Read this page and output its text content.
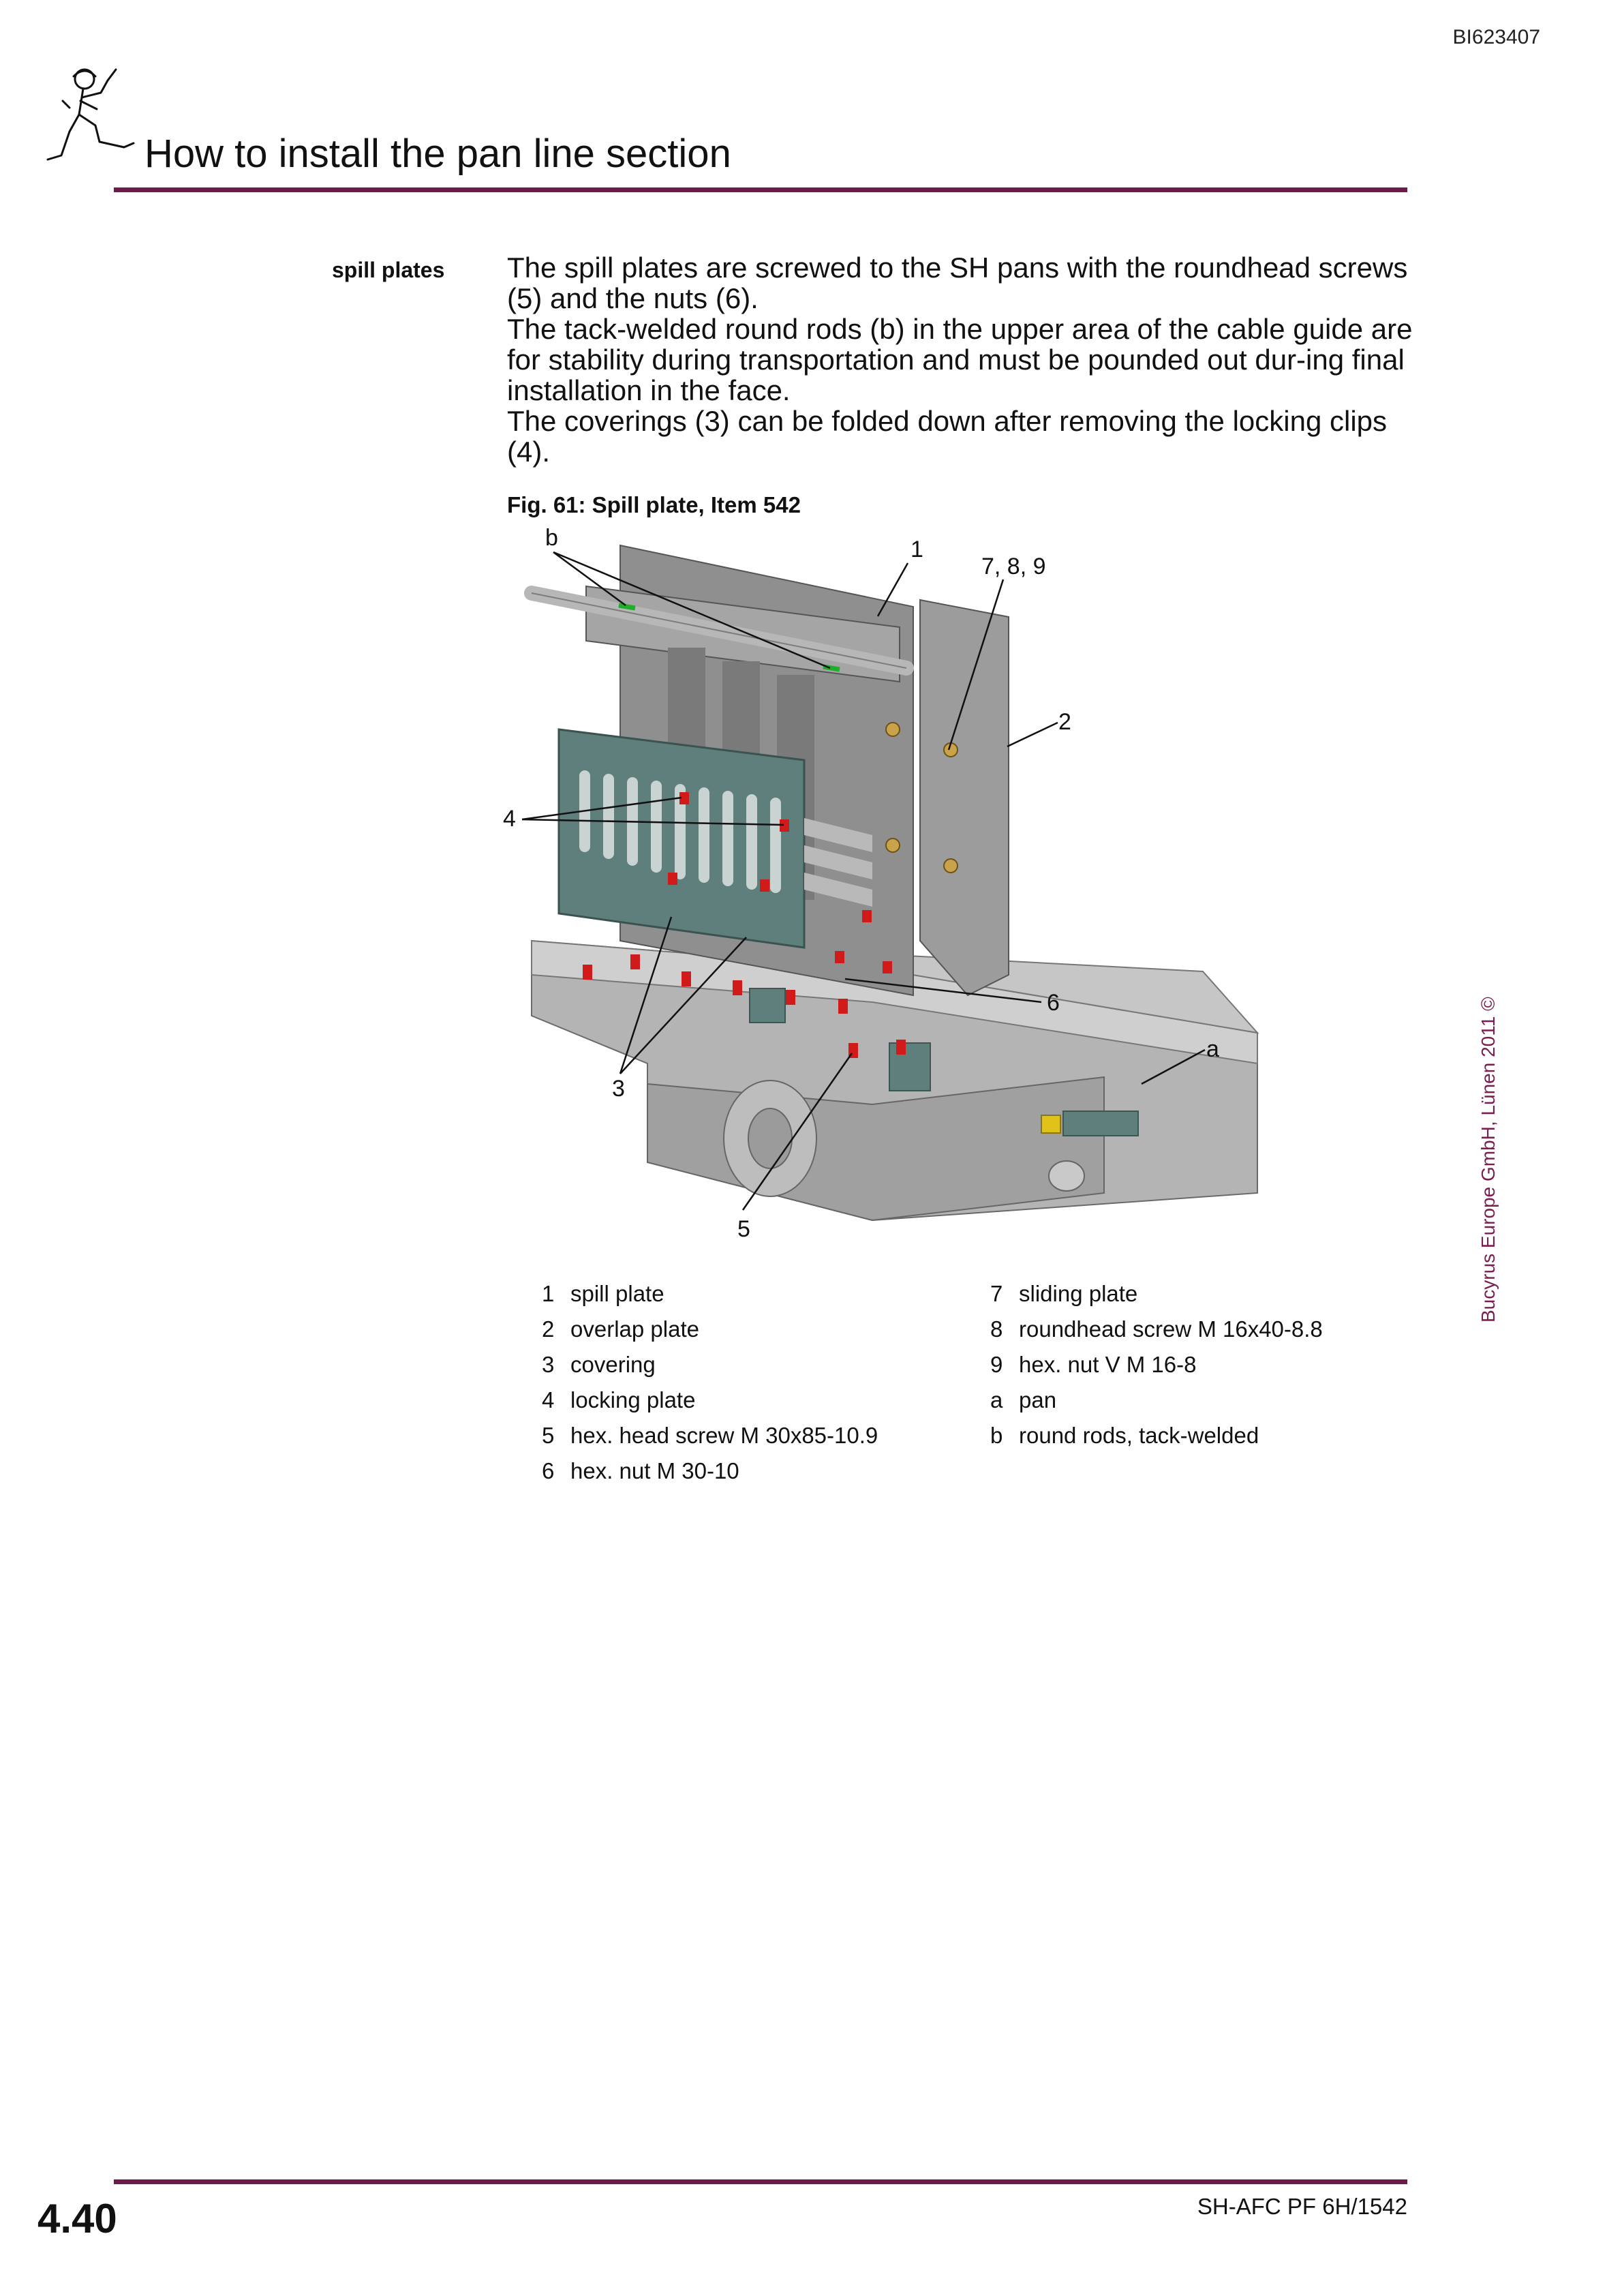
BI623407
How to install the pan line section
spill plates The spill plates are screwed to the SH pans with the roundhead screws (5) and the nuts (6).

The tack-welded round rods (b) in the upper area of the cable guide are for stability during transportation and must be pounded out dur-ing final installation in the face.

The coverings (3) can be folded down after removing the locking clips (4).

Fig. 61: Spill plate, Item 542
b	1
7, 8, 9
2
4
6
a
3
5
1 spill plate
2 overlap plate
3 covering
4 locking plate
5 hex. head screw M 30x85-10.9
6 hex. nut M 30-10
7 sliding plate
8 roundhead screw M 16x40-8.8
9 hex. nut V M 16-8
a pan
b round rods, tack-welded
Bucyrus Europe GmbH, Lünen 2011 ©
4.40	SH-AFC PF 6H/1542
